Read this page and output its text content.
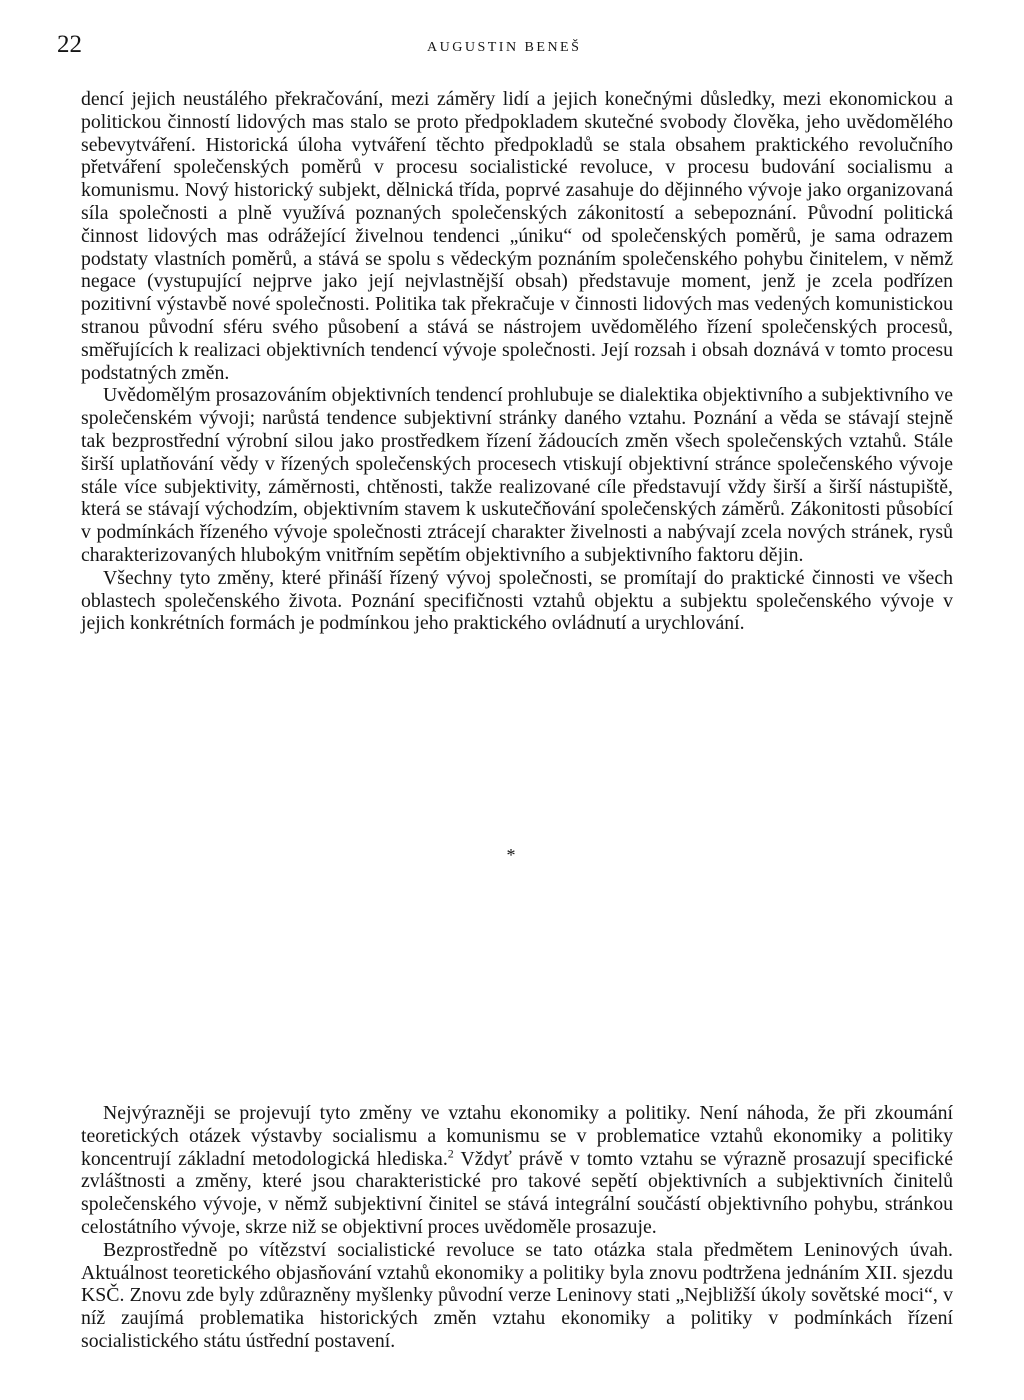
22	AUGUSTIN BENEŠ

dencí jejich neustálého překračování, mezi záměry lidí a jejich konečnými důsledky, mezi ekonomickou a politickou činností lidových mas stalo se proto předpokladem skutečné svobody člověka, jeho uvědomělého sebevytváření. Historická úloha vytváření těchto předpokladů se stala obsahem praktického revolučního přetváření společenských poměrů v procesu socialistické revoluce, v procesu budování socialismu a komunismu. Nový historický subjekt, dělnická třída, poprvé zasahuje do dějinného vývoje jako organizovaná síla společnosti a plně využívá poznaných společenských zákonitostí a sebepoznání. Původní politická činnost lidových mas odrážející živelnou tendenci „úniku“ od společenských poměrů, je sama odrazem podstaty vlastních poměrů, a stává se spolu s vědeckým poznáním společenského pohybu činitelem, v němž negace (vystupující nejprve jako její nejvlastnější obsah) představuje moment, jenž je zcela podřízen pozitivní výstavbě nové společnosti. Politika tak překračuje v činnosti lidových mas vedených komunistickou stranou původní sféru svého působení a stává se nástrojem uvědomělého řízení společenských procesů, směřujících k realizaci objektivních tendencí vývoje společnosti. Její rozsah i obsah doznává v tomto procesu podstatných změn.

Uvědomělým prosazováním objektivních tendencí prohlubuje se dialektika objektivního a subjektivního ve společenském vývoji; narůstá tendence subjektivní stránky daného vztahu. Poznání a věda se stávají stejně tak bezprostřední výrobní silou jako prostředkem řízení žádoucích změn všech společenských vztahů. Stále širší uplatňování vědy v řízených společenských procesech vtiskují objektivní stránce společenského vývoje stále více subjektivity, záměrnosti, chtěnosti, takže realizované cíle představují vždy širší a širší nástupiště, která se stávají východzím, objektivním stavem k uskutečňování společenských záměrů. Zákonitosti působící v podmínkách řízeného vývoje společnosti ztrácejí charakter živelnosti a nabývají zcela nových stránek, rysů charakterizovaných hlubokým vnitřním sepětím objektivního a subjektivního faktoru dějin.

Všechny tyto změny, které přináší řízený vývoj společnosti, se promítají do praktické činnosti ve všech oblastech společenského života. Poznání specifičnosti vztahů objektu a subjektu společenského vývoje v jejich konkrétních formách je podmínkou jeho praktického ovládnutí a urychlování.

*

Nejvýrazněji se projevují tyto změny ve vztahu ekonomiky a politiky. Není náhoda, že při zkoumání teoretických otázek výstavby socialismu a komunismu se v problematice vztahů ekonomiky a politiky koncentrují základní metodologická hlediska.$^2$ Vždyť právě v tomto vztahu se výrazně prosazují specifické zvláštnosti a změny, které jsou charakteristické pro takové sepětí objektivních a subjektivních činitelů společenského vývoje, v němž subjektivní činitel se stává integrální součástí objektivního pohybu, stránkou celostátního vývoje, skrze niž se objektivní proces uvědoměle prosazuje.

Bezprostředně po vítězství socialistické revoluce se tato otázka stala předmětem Leninových úvah. Aktuálnost teoretického objasňování vztahů ekonomiky a politiky byla znovu podtržena jednáním XII. sjezdu KSČ. Znovu zde byly zdůrazněny myšlenky původní verze Leninovy stati „Nejbližší úkoly sovětské moci“, v níž zaujímá problematika historických změn vztahu ekonomiky a politiky v podmínkách řízení socialistického státu ústřední postavení.
